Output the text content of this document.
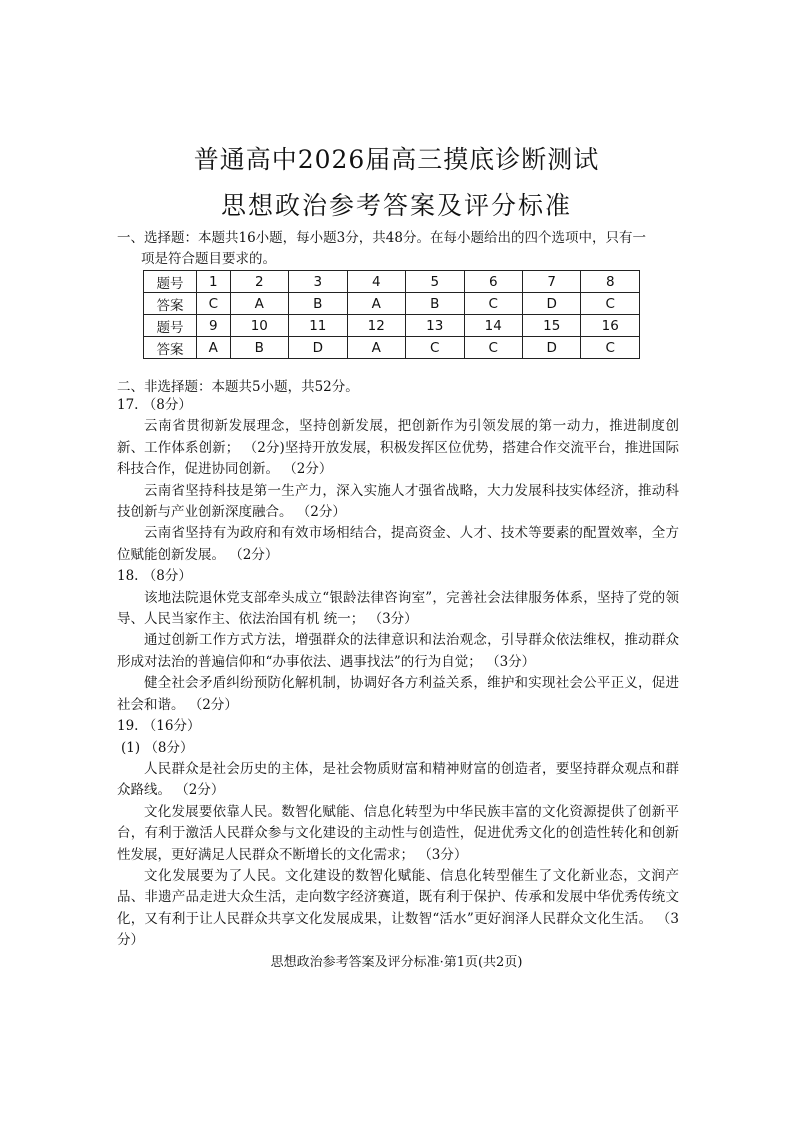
普通高中2026届高三摸底诊断测试
思想政治参考答案及评分标准
一、选择题：本题共16小题，每小题3分，共48分。在每小题给出的四个选项中，只有一
项是符合题目要求的。
题号	1	2	3	4	5	6	7	8
答案	C	A	B	A	B	C	D	C
题号	9	10	11	12	13	14	15	16
答案	A	B	D	A	C	C	D	C
二、非选择题：本题共5小题，共52分。

17. （8分）

云南省贯彻新发展理念，坚持创新发展，把创新作为引领发展的第一动力，推进制度创新、工作体系创新； （2分)坚持开放发展，积极发挥区位优势，搭建合作交流平台，推进国际科技合作，促进协同创新。 （2分）

云南省坚持科技是第一生产力，深入实施人才强省战略，大力发展科技实体经济，推动科技创新与产业创新深度融合。 （2分）

云南省坚持有为政府和有效市场相结合，提高资金、人才、技术等要素的配置效率，全方位赋能创新发展。 （2分）

18. （8分）

该地法院退休党支部牵头成立“银龄法律咨询室”，完善社会法律服务体系，坚持了党的领导、人民当家作主、依法治国有机 统一； （3分）

通过创新工作方式方法，增强群众的法律意识和法治观念，引导群众依法维权，推动群众形成对法治的普遍信仰和“办事依法、遇事找法”的行为自觉； （3分）

健全社会矛盾纠纷预防化解机制，协调好各方利益关系，维护和实现社会公平正义，促进社会和谐。 （2分）

19. （16分）

(1) （8分）

人民群众是社会历史的主体，是社会物质财富和精神财富的创造者，要坚持群众观点和群众路线。 （2分）

文化发展要依靠人民。数智化赋能、信息化转型为中华民族丰富的文化资源提供了创新平台，有利于激活人民群众参与文化建设的主动性与创造性，促进优秀文化的创造性转化和创新性发展，更好满足人民群众不断增长的文化需求； （3分）

文化发展要为了人民。文化建设的数智化赋能、信息化转型催生了文化新业态，文润产品、非遗产品走进大众生活，走向数字经济赛道，既有利于保护、传承和发展中华优秀传统文化，又有利于让人民群众共享文化发展成果，让数智“活水”更好润泽人民群众文化生活。 （3分）

思想政治参考答案及评分标准·第1页(共2页)
